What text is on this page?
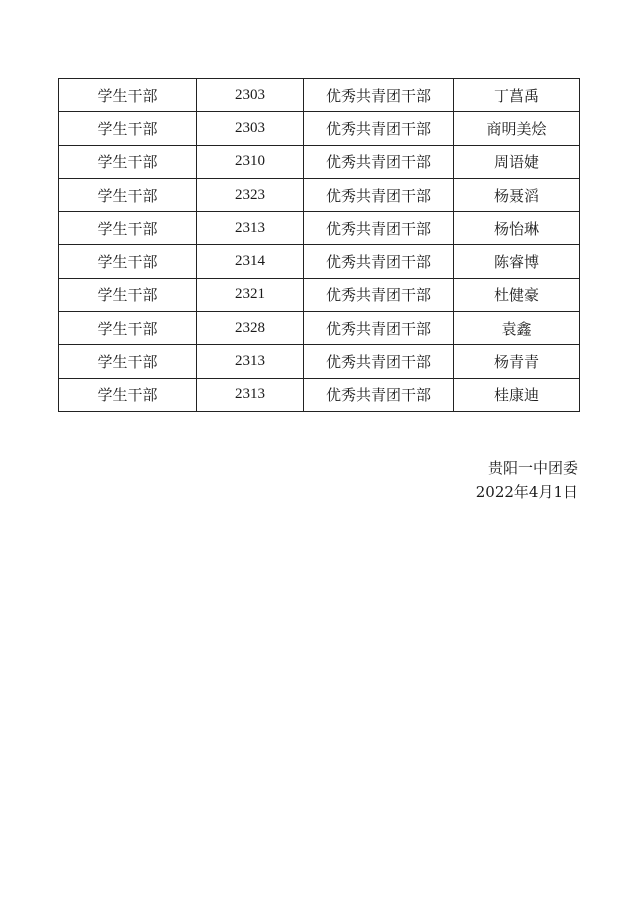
学生干部	2303	优秀共青团干部	丁菖禹
学生干部	2303	优秀共青团干部	商明美烩
学生干部	2310	优秀共青团干部	周语婕
学生干部	2323	优秀共青团干部	杨聂滔
学生干部	2313	优秀共青团干部	杨怡琳
学生干部	2314	优秀共青团干部	陈睿博
学生干部	2321	优秀共青团干部	杜健豪
学生干部	2328	优秀共青团干部	袁鑫
学生干部	2313	优秀共青团干部	杨青青
学生干部	2313	优秀共青团干部	桂康迪
贵阳一中团委
2022年4月1日
